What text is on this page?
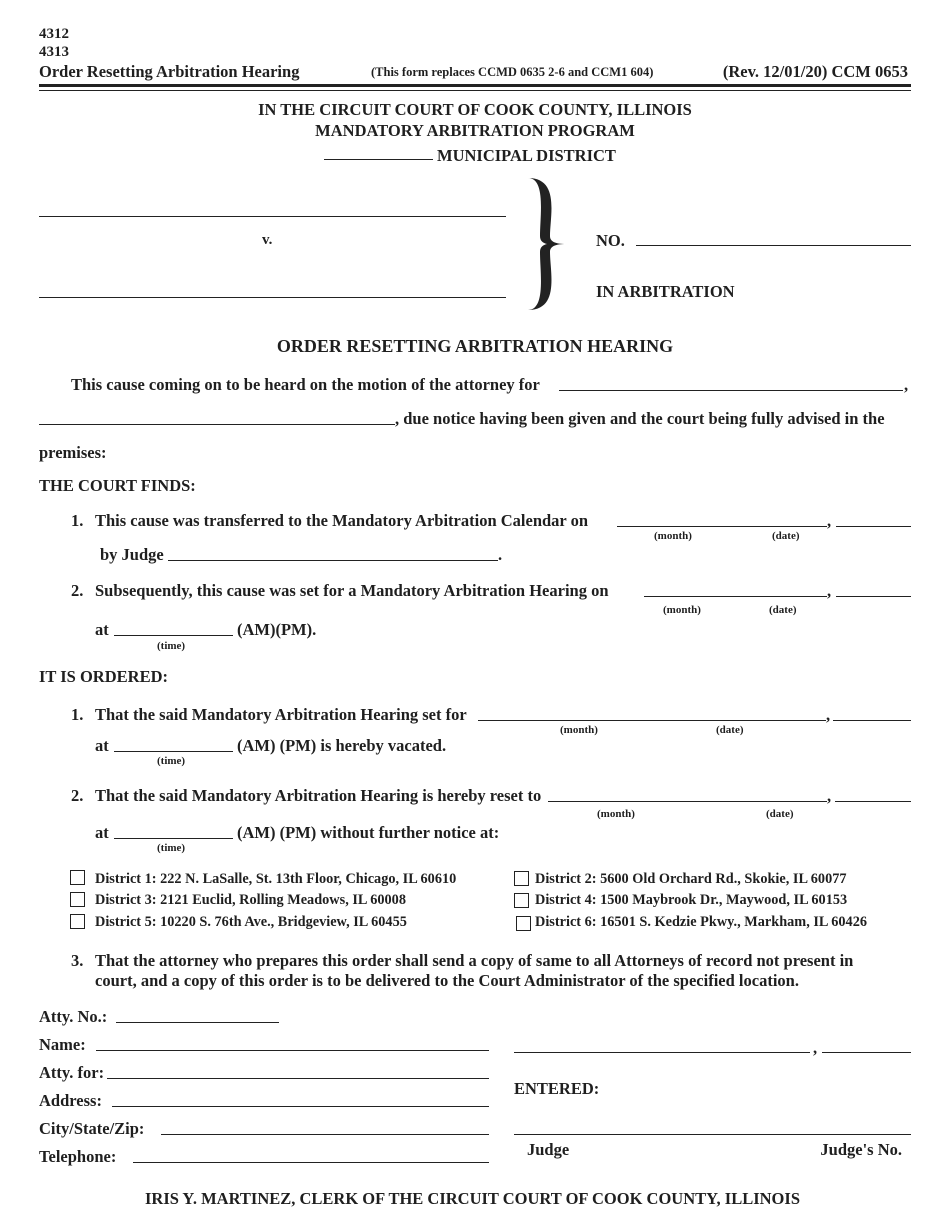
4312
4313
Order Resetting Arbitration Hearing	(This form replaces CCMD 0635 2-6 and CCM1 604)	(Rev. 12/01/20) CCM 0653
IN THE CIRCUIT COURT OF COOK COUNTY, ILLINOIS
MANDATORY ARBITRATION PROGRAM
MUNICIPAL DISTRICT
v.	NO.
IN ARBITRATION
ORDER RESETTING ARBITRATION HEARING
This cause coming on to be heard on the motion of the attorney for	,
, due notice having been given and the court being fully advised in the
premises:
THE COURT FINDS:
1. This cause was transferred to the Mandatory Arbitration Calendar on	,
(month)	(date)
by Judge	.
2. Subsequently, this cause was set for a Mandatory Arbitration Hearing on	,
(month)	(date)
at	(AM)(PM).
(time)
IT IS ORDERED:
1. That the said Mandatory Arbitration Hearing set for	,
(month)	(date)
at	(AM) (PM) is hereby vacated.
(time)
2. That the said Mandatory Arbitration Hearing is hereby reset to	,
(month)	(date)
at	(AM) (PM) without further notice at:
(time)
District 1: 222 N. LaSalle, St. 13th Floor, Chicago, IL 60610	District 2: 5600 Old Orchard Rd., Skokie, IL 60077
District 3: 2121 Euclid, Rolling Meadows, IL 60008	District 4: 1500 Maybrook Dr., Maywood, IL 60153
District 5: 10220 S. 76th Ave., Bridgeview, IL 60455	District 6: 16501 S. Kedzie Pkwy., Markham, IL 60426
3. That the attorney who prepares this order shall send a copy of same to all Attorneys of record not present in
court, and a copy of this order is to be delivered to the Court Administrator of the specified location.
Atty. No.:
Name:
Atty. for:
Address:
City/State/Zip:
Telephone:
,
ENTERED:
Judge	Judge's No.
IRIS Y. MARTINEZ, CLERK OF THE CIRCUIT COURT OF COOK COUNTY, ILLINOIS
